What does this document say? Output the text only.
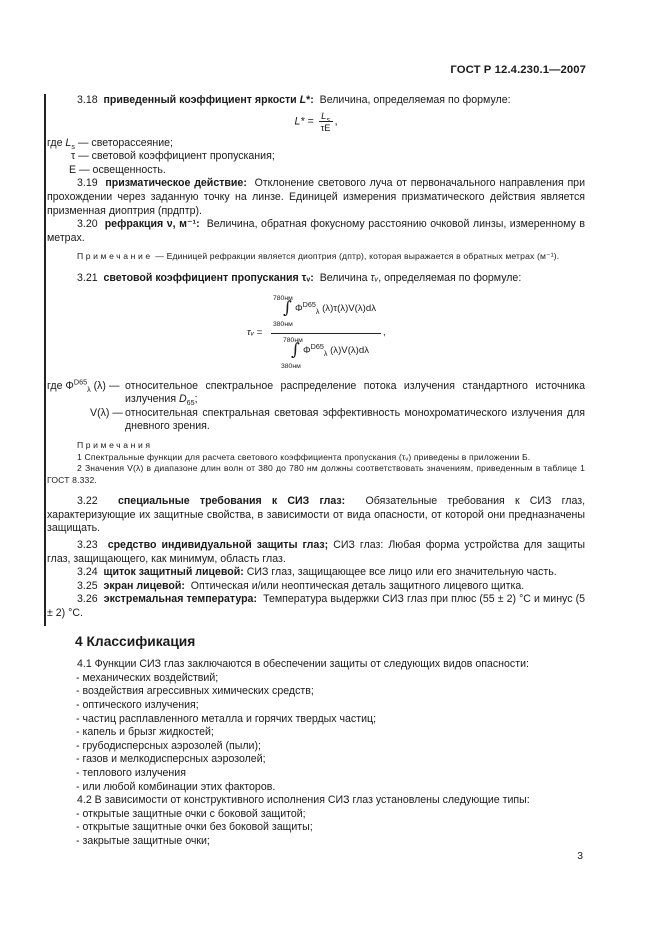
ГОСТ Р 12.4.230.1—2007

3.18 приведенный коэффициент яркости L*: Величина, определяемая по формуле:

$L* = \frac{L_s}{\tau E}$ ,

где $L_s$ — светорассеяние;

τ — световой коэффициент пропускания;

E — освещенность.

3.19 призматическое действие: Отклонение светового луча от первоначального направления при прохождении через заданную точку на линзе. Единицей измерения призматического действия является призменная диоптрия (прдптр).

3.20 рефракция ν, м⁻¹: Величина, обратная фокусному расстоянию очковой линзы, измеренному в метрах.

Примечание — Единицей рефракции является диоптрия (дптр), которая выражается в обратных метрах (м⁻¹).

3.21 световой коэффициент пропускания τᵥ: Величина τᵥ, определяемая по формуле:

780нм
∫
380нм
$\Phi^{D65}_\lambda$ (λ)τ(λ)V(λ)dλ
τᵥ =	,
780нм
∫
380нм
$\Phi^{D65}_\lambda$ (λ)V(λ)dλ
где $\Phi^{D65}_\lambda$ (λ) — относительное спектральное распределение потока излучения стандартного источника излучения $D_{65}$;
V(λ) — относительная спектральная световая эффективность монохроматического излучения для дневного зрения.

Примечания

1 Спектральные функции для расчета светового коэффициента пропускания (τᵥ) приведены в приложении Б.

2 Значения V(λ) в диапазоне длин волн от 380 до 780 нм должны соответствовать значениям, приведенным в таблице 1 ГОСТ 8.332.

3.22 специальные требования к СИЗ глаз: Обязательные требования к СИЗ глаз, характеризующие их защитные свойства, в зависимости от вида опасности, от которой они предназначены защищать.

3.23 средство индивидуальной защиты глаз; СИЗ глаз: Любая форма устройства для защиты глаз, защищающего, как минимум, область глаз.

3.24 щиток защитный лицевой: СИЗ глаз, защищающее все лицо или его значительную часть.

3.25 экран лицевой: Оптическая и/или неоптическая деталь защитного лицевого щитка.

3.26 экстремальная температура: Температура выдержки СИЗ глаз при плюс (55 ± 2) °С и минус (5 ± 2) °С.

4 Классификация

4.1 Функции СИЗ глаз заключаются в обеспечении защиты от следующих видов опасности:

- механических воздействий;

- воздействия агрессивных химических средств;

- оптического излучения;

- частиц расплавленного металла и горячих твердых частиц;

- капель и брызг жидкостей;

- грубодисперсных аэрозолей (пыли);

- газов и мелкодисперсных аэрозолей;

- теплового излучения

- или любой комбинации этих факторов.

4.2 В зависимости от конструктивного исполнения СИЗ глаз установлены следующие типы:

- открытые защитные очки с боковой защитой;

- открытые защитные очки без боковой защиты;

- закрытые защитные очки;

3
